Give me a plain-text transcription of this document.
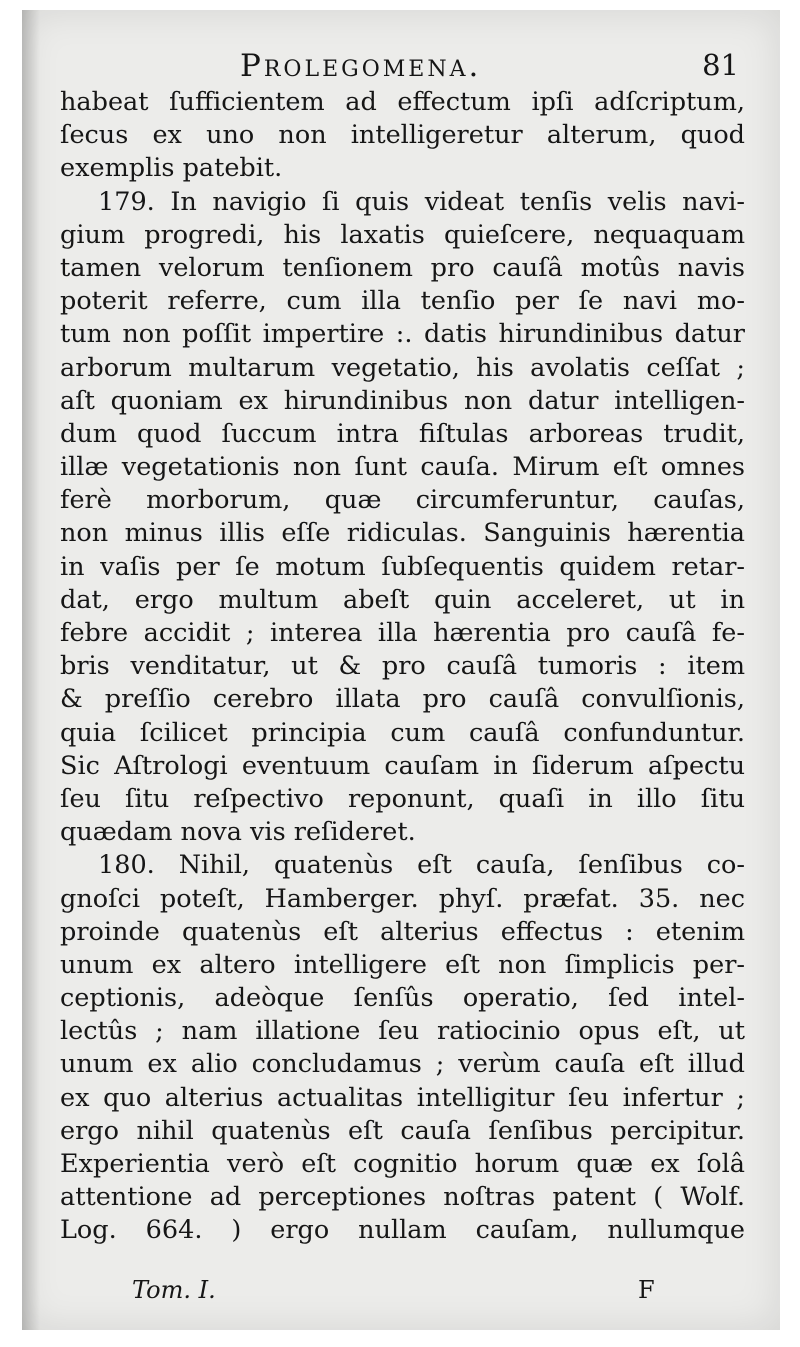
Prolegomena.	81
habeat ſufficientem ad effectum ipſi adſcriptum,
ſecus ex uno non intelligeretur alterum, quod
exemplis patebit.
179. In navigio ſi quis videat tenſis velis navi-
gium progredi, his laxatis quieſcere, nequaquam
tamen velorum tenſionem pro cauſâ motûs navis
poterit referre, cum illa tenſio per ſe navi mo-
tum non poſſit impertire :. datis hirundinibus datur
arborum multarum vegetatio, his avolatis ceſſat ;
aſt quoniam ex hirundinibus non datur intelligen-
dum quod ſuccum intra fiſtulas arboreas trudit,
illæ vegetationis non ſunt cauſa. Mirum eſt omnes
ferè morborum, quæ circumferuntur, cauſas,
non minus illis eſſe ridiculas. Sanguinis hærentia
in vaſis per ſe motum ſubſequentis quidem retar-
dat, ergo multum abeſt quin acceleret, ut in
febre accidit ; interea illa hærentia pro cauſâ fe-
bris venditatur, ut & pro cauſâ tumoris : item
& preſſio cerebro illata pro cauſâ convulſionis,
quia ſcilicet principia cum cauſâ confunduntur.
Sic Aſtrologi eventuum cauſam in ſiderum aſpectu
ſeu ſitu reſpectivo reponunt, quaſi in illo ſitu
quædam nova vis reſideret.
180. Nihil, quatenùs eſt cauſa, ſenſibus co-
gnoſci poteſt, Hamberger. phyſ. præfat. 35. nec
proinde quatenùs eſt alterius effectus : etenim
unum ex altero intelligere eſt non ſimplicis per-
ceptionis, adeòque ſenſûs operatio, ſed intel-
lectûs ; nam illatione ſeu ratiocinio opus eſt, ut
unum ex alio concludamus ; verùm cauſa eſt illud
ex quo alterius actualitas intelligitur ſeu infertur ;
ergo nihil quatenùs eſt cauſa ſenſibus percipitur.
Experientia verò eſt cognitio horum quæ ex ſolâ
attentione ad perceptiones noſtras patent ( Wolf.
Log. 664. ) ergo nullam cauſam, nullumque
Tom. I.	F
